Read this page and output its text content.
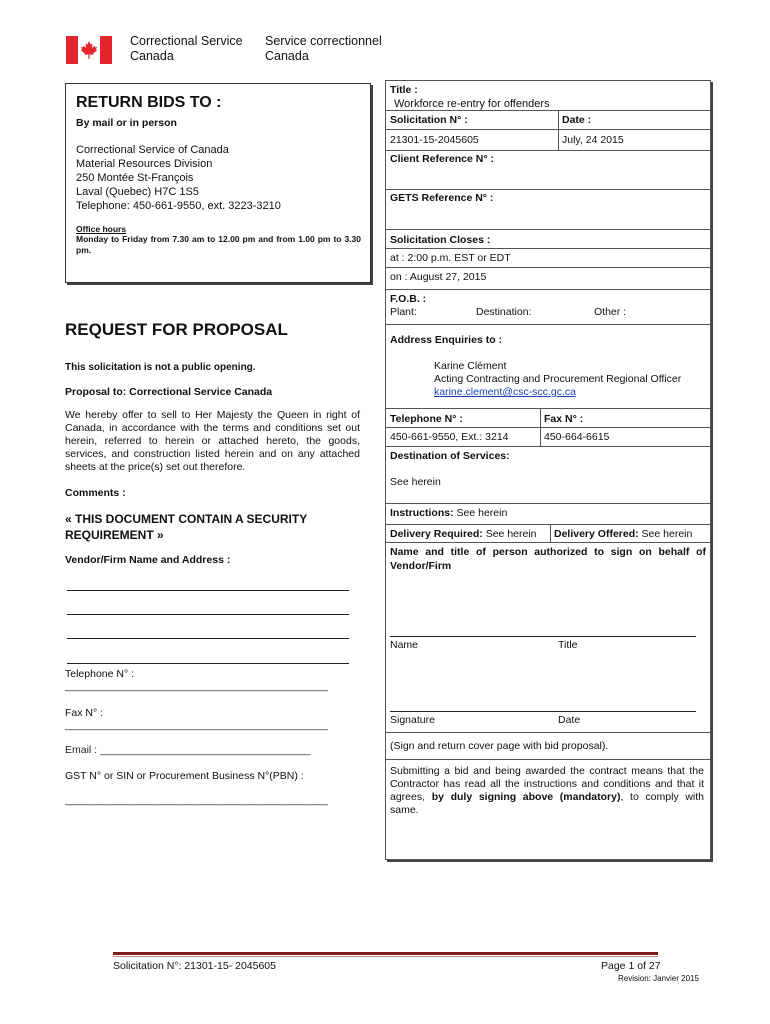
Correctional Service
Canada
Service correctionnel
Canada
RETURN BIDS TO :
By mail or in person
Correctional Service of Canada
Material Resources Division
250 Montée St-François
Laval (Quebec) H7C 1S5
Telephone: 450-661-9550, ext. 3223-3210
Office hours
Monday to Friday from 7.30 am to 12.00 pm and from 1.00 pm to 3.30 pm.
REQUEST FOR PROPOSAL
This solicitation is not a public opening.
Proposal to: Correctional Service Canada
We hereby offer to sell to Her Majesty the Queen in right of Canada, in accordance with the terms and conditions set out herein, referred to herein or attached hereto, the goods, services, and construction listed herein and on any attached sheets at the price(s) set out therefore.
Comments :
« THIS DOCUMENT CONTAIN A SECURITY REQUIREMENT »
Vendor/Firm Name and Address :
Telephone N° :
_____________________________________________
Fax N° :
_____________________________________________
Email : ____________________________________
GST N° or SIN or Procurement Business N°(PBN) :
_____________________________________________
Title :
Workforce re-entry for offenders
Solicitation N° :	Date :
21301-15-2045605	July, 24 2015
Client Reference N° :
GETS Reference N° :
Solicitation Closes :
at : 2:00 p.m. EST or EDT
on : August 27, 2015
F.O.B. :
Plant:	Destination:	Other :
Address Enquiries to :
Karine Clément
Acting Contracting and Procurement Regional Officer
karine.clement@csc-scc.gc.ca
Telephone N° :	Fax N° :
450-661-9550, Ext.: 3214	450-664-6615
Destination of Services:
See herein
Instructions: See herein
Delivery Required: See herein Delivery Offered: See herein
Name and title of person authorized to sign on behalf of Vendor/Firm
Name	Title
Signature	Date
(Sign and return cover page with bid proposal).
Submitting a bid and being awarded the contract means that the Contractor has read all the instructions and conditions and that it agrees, by duly signing above (mandatory), to comply with same.
Solicitation N°: 21301-15- 2045605	Page 1 of 27
Revision: Janvier 2015
